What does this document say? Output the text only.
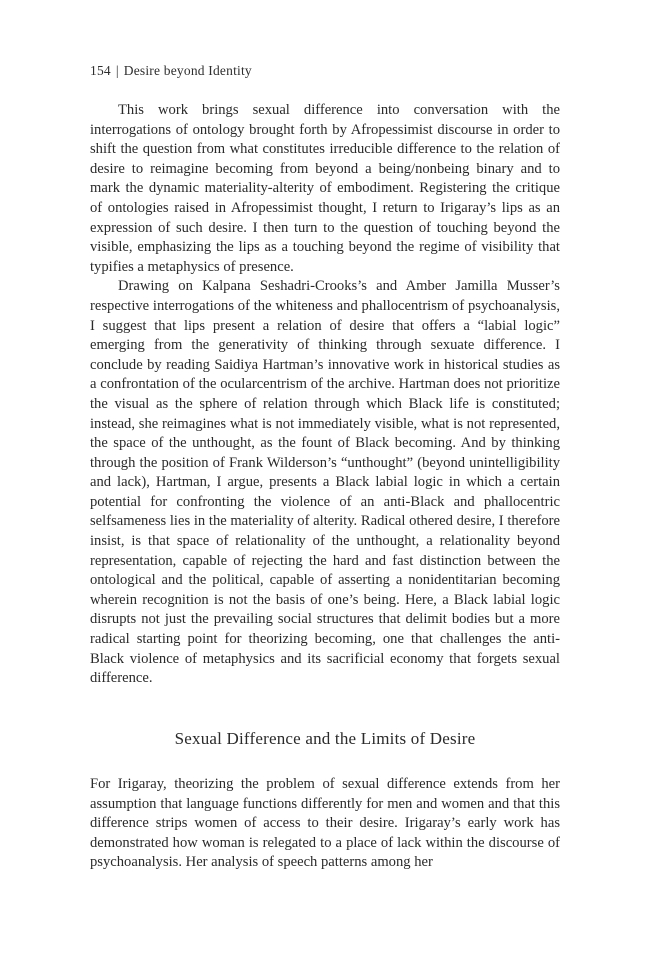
154 | Desire beyond Identity

This work brings sexual difference into conversation with the interrogations of ontology brought forth by Afropessimist discourse in order to shift the question from what constitutes irreducible difference to the relation of desire to reimagine becoming from beyond a being/nonbeing binary and to mark the dynamic materiality-alterity of embodiment. Registering the critique of ontologies raised in Afropessimist thought, I return to Irigaray’s lips as an expression of such desire. I then turn to the question of touching beyond the visible, emphasizing the lips as a touching beyond the regime of visibility that typifies a metaphysics of presence.

Drawing on Kalpana Seshadri-Crooks’s and Amber Jamilla Musser’s respective interrogations of the whiteness and phallocentrism of psychoanalysis, I suggest that lips present a relation of desire that offers a “labial logic” emerging from the generativity of thinking through sexuate difference. I conclude by reading Saidiya Hartman’s innovative work in historical studies as a confrontation of the ocularcentrism of the archive. Hartman does not prioritize the visual as the sphere of relation through which Black life is constituted; instead, she reimagines what is not immediately visible, what is not represented, the space of the unthought, as the fount of Black becoming. And by thinking through the position of Frank Wilderson’s “unthought” (beyond unintelligibility and lack), Hartman, I argue, presents a Black labial logic in which a certain potential for confronting the violence of an anti-Black and phallocentric selfsameness lies in the materiality of alterity. Radical othered desire, I therefore insist, is that space of relationality of the unthought, a relationality beyond representation, capable of rejecting the hard and fast distinction between the ontological and the political, capable of asserting a nonidentitarian becoming wherein recognition is not the basis of one’s being. Here, a Black labial logic disrupts not just the prevailing social structures that delimit bodies but a more radical starting point for theorizing becoming, one that challenges the anti-Black violence of metaphysics and its sacrificial economy that forgets sexual difference.

Sexual Difference and the Limits of Desire

For Irigaray, theorizing the problem of sexual difference extends from her assumption that language functions differently for men and women and that this difference strips women of access to their desire. Irigaray’s early work has demonstrated how woman is relegated to a place of lack within the discourse of psychoanalysis. Her analysis of speech patterns among her
